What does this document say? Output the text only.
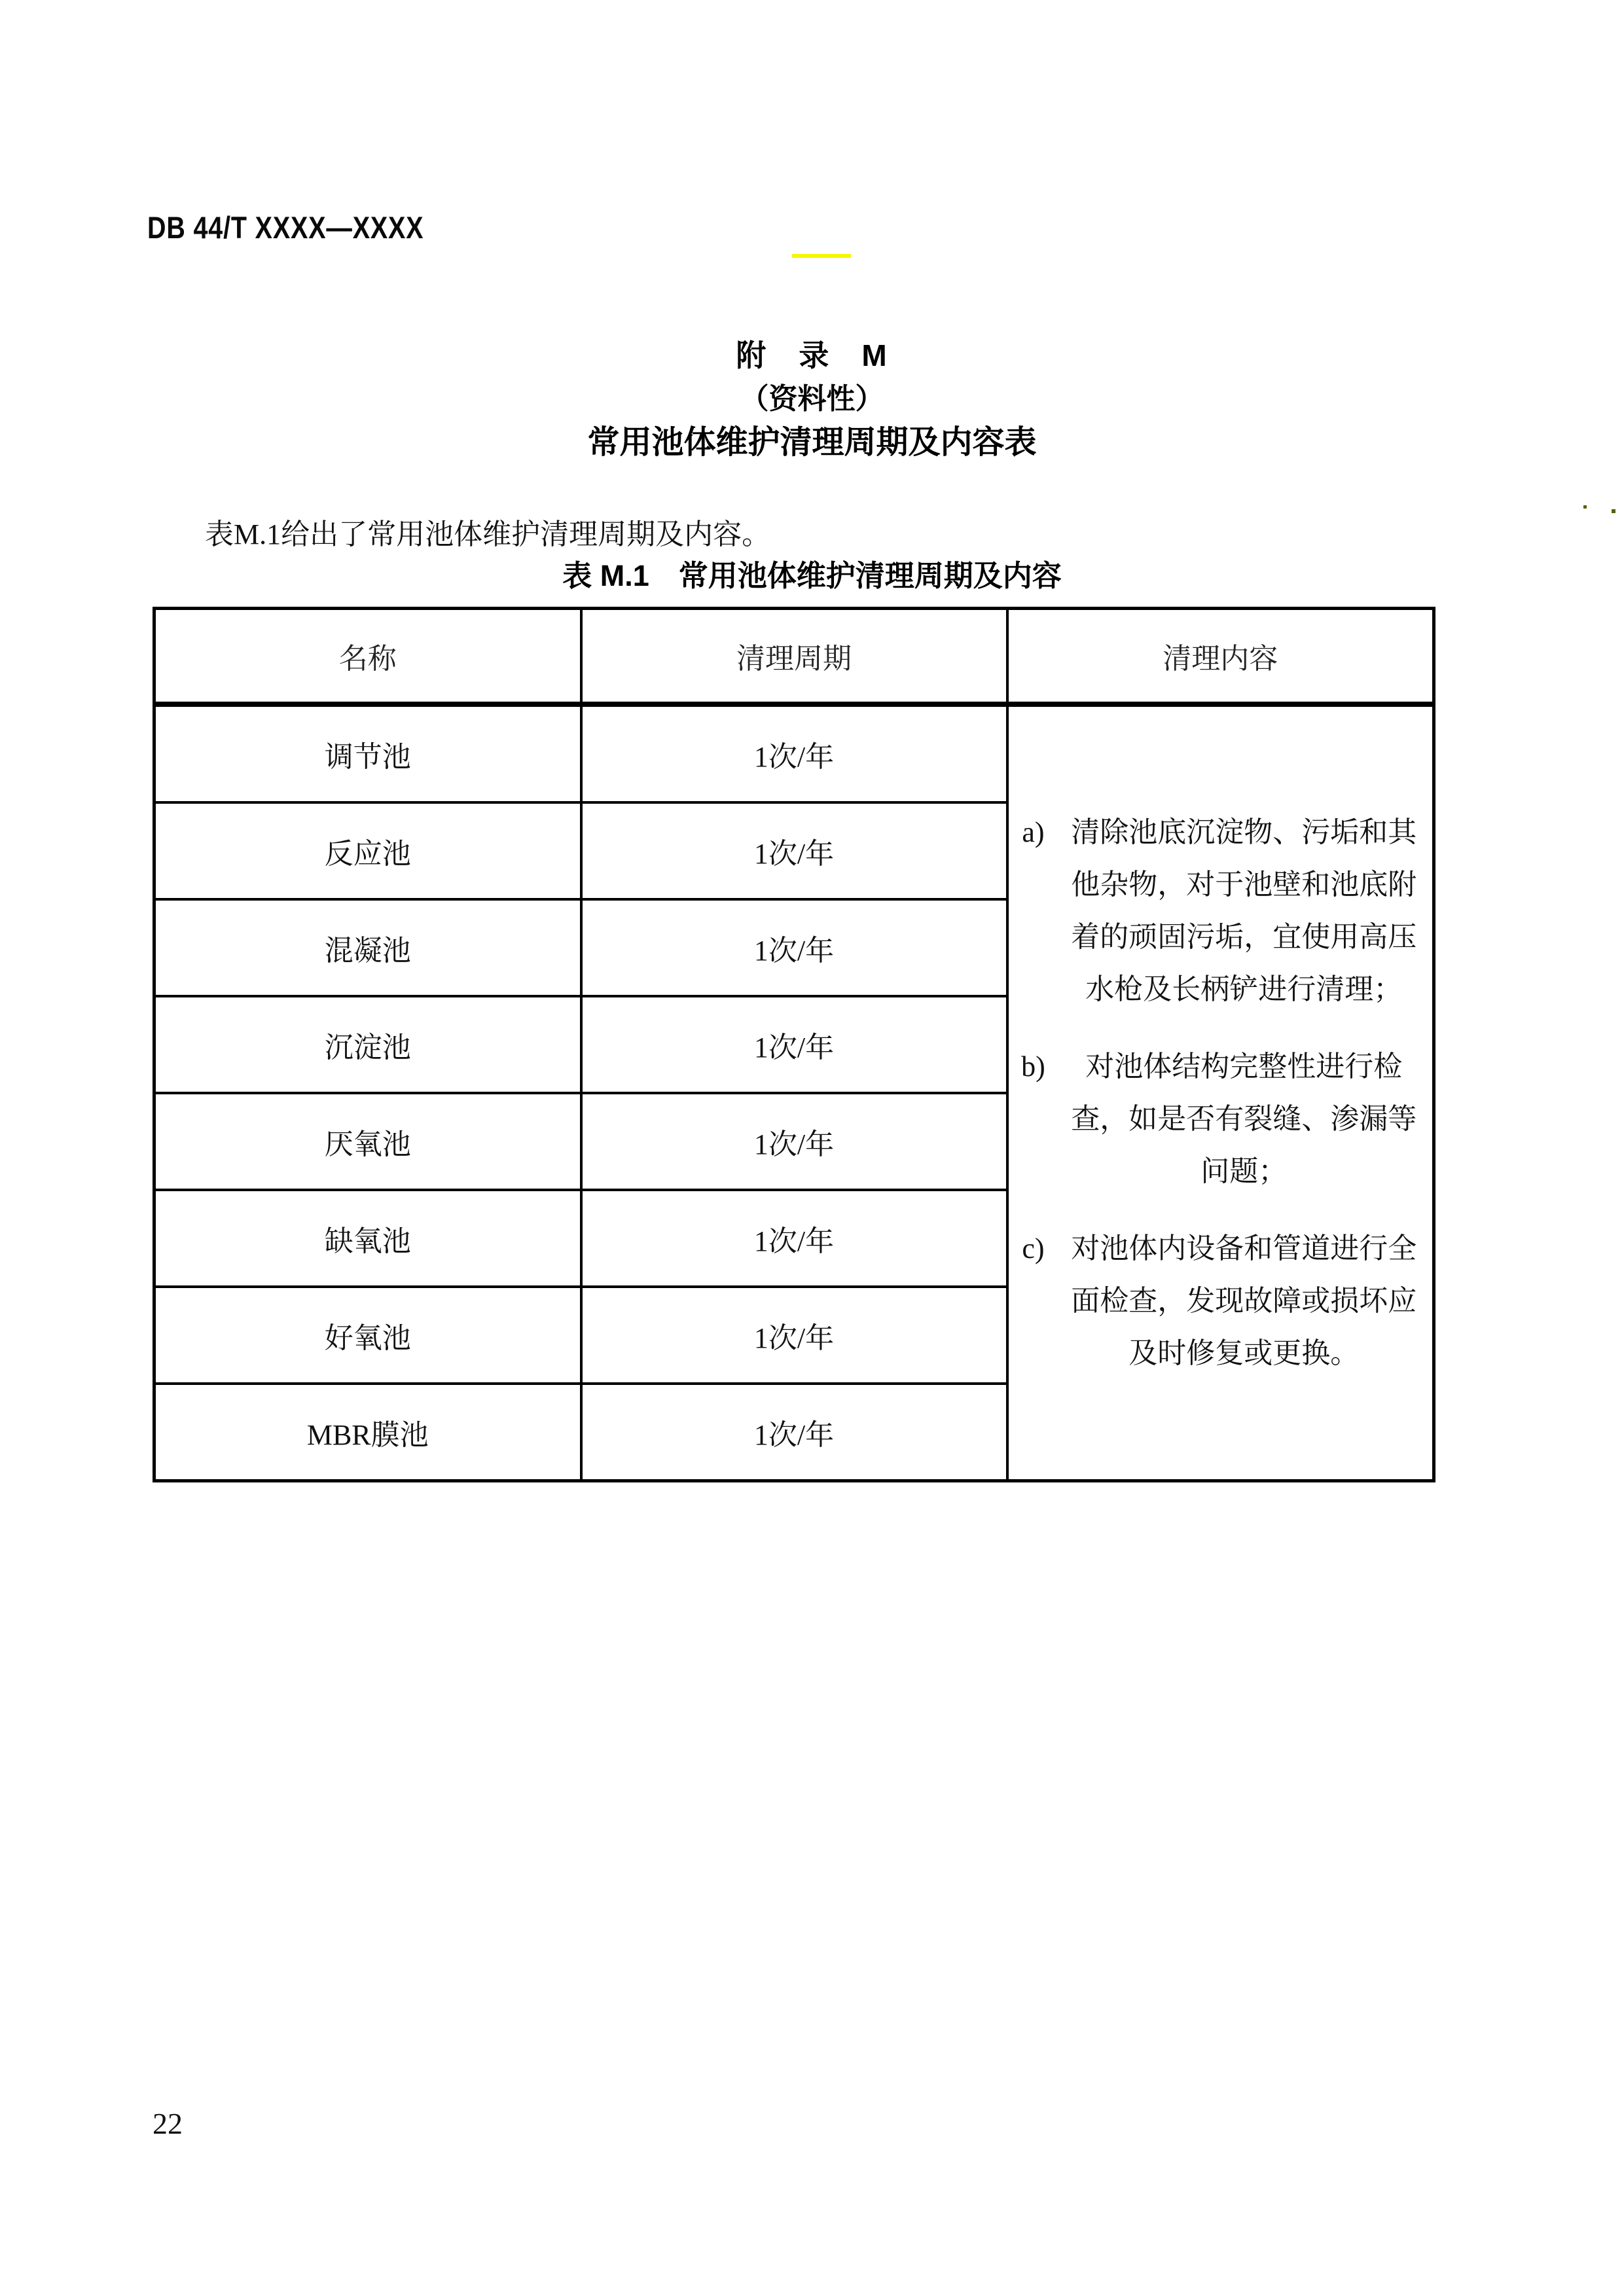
DB 44/T XXXX—XXXX
附　录　M
（资料性）
常用池体维护清理周期及内容表

表M.1给出了常用池体维护清理周期及内容。

表 M.1　常用池体维护清理周期及内容
名称	清理周期	清理内容
调节池	1次/年	
a) 清除池底沉淀物、污垢和其他杂物，对于池壁和池底附着的顽固污垢，宜使用高压水枪及长柄铲进行清理；
b)	对池体结构完整性进行检查，如是否有裂缝、渗漏等问题；
c) 对池体内设备和管道进行全面检查，发现故障或损坏应及时修复或更换。

反应池	1次/年	
混凝池	1次/年	
沉淀池	1次/年	
厌氧池	1次/年	
缺氧池	1次/年	
好氧池	1次/年	
MBR膜池	1次/年	
22
